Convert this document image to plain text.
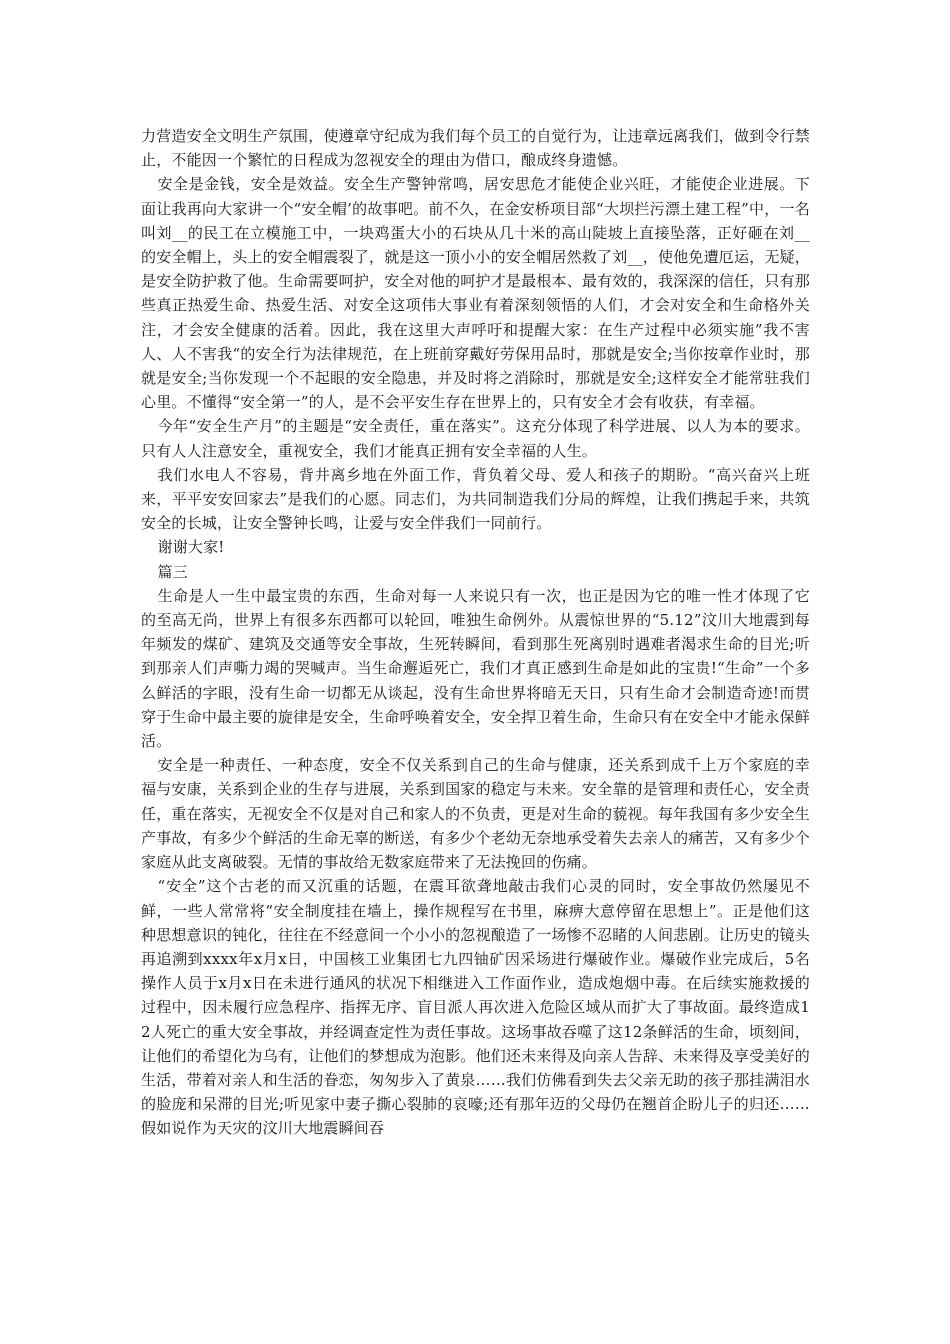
力营造安全文明生产氛围，使遵章守纪成为我们每个员工的自觉行为，让违章远离我们，做到令行禁止，不能因一个繁忙的日程成为忽视安全的理由为借口，酿成终身遗憾。

安全是金钱，安全是效益。安全生产警钟常鸣，居安思危才能使企业兴旺，才能使企业进展。下面让我再向大家讲一个“安全帽’的故事吧。前不久，在金安桥项目部“大坝拦污漂土建工程”中，一名叫刘__的民工在立模施工中，一块鸡蛋大小的石块从几十米的高山陡坡上直接坠落，正好砸在刘__的安全帽上，头上的安全帽震裂了，就是这一顶小小的安全帽居然救了刘__，使他免遭厄运，无疑，是安全防护救了他。生命需要呵护，安全对他的呵护才是最根本、最有效的，我深深的信任，只有那些真正热爱生命、热爱生活、对安全这项伟大事业有着深刻领悟的人们，才会对安全和生命格外关注，才会安全健康的活着。因此，我在这里大声呼吁和提醒大家：在生产过程中必须实施”我不害人、人不害我“的安全行为法律规范，在上班前穿戴好劳保用品时，那就是安全;当你按章作业时，那就是安全;当你发现一个不起眼的安全隐患，并及时将之消除时，那就是安全;这样安全才能常驻我们心里。不懂得“安全第一”的人，是不会平安生存在世界上的，只有安全才会有收获，有幸福。

今年“安全生产月”的主题是“安全责任，重在落实”。这充分体现了科学进展、以人为本的要求。只有人人注意安全，重视安全，我们才能真正拥有安全幸福的人生。

我们水电人不容易，背井离乡地在外面工作，背负着父母、爱人和孩子的期盼。“高兴奋兴上班来，平平安安回家去”是我们的心愿。同志们，为共同制造我们分局的辉煌，让我们携起手来，共筑安全的长城，让安全警钟长鸣，让爱与安全伴我们一同前行。

谢谢大家!

篇三

生命是人一生中最宝贵的东西，生命对每一人来说只有一次，也正是因为它的唯一性才体现了它的至高无尚，世界上有很多东西都可以轮回，唯独生命例外。从震惊世界的“5.12”汶川大地震到每年频发的煤矿、建筑及交通等安全事故，生死转瞬间，看到那生死离别时遇难者渴求生命的目光;听到那亲人们声嘶力竭的哭喊声。当生命邂逅死亡，我们才真正感到生命是如此的宝贵!“生命”一个多么鲜活的字眼，没有生命一切都无从谈起，没有生命世界将暗无天日，只有生命才会制造奇迹!而贯穿于生命中最主要的旋律是安全，生命呼唤着安全，安全捍卫着生命，生命只有在安全中才能永保鲜活。

安全是一种责任、一种态度，安全不仅关系到自己的生命与健康，还关系到成千上万个家庭的幸福与安康，关系到企业的生存与进展，关系到国家的稳定与未来。安全靠的是管理和责任心，安全责任，重在落实，无视安全不仅是对自己和家人的不负责，更是对生命的藐视。每年我国有多少安全生产事故，有多少个鲜活的生命无辜的断送，有多少个老幼无奈地承受着失去亲人的痛苦，又有多少个家庭从此支离破裂。无情的事故给无数家庭带来了无法挽回的伤痛。

“安全”这个古老的而又沉重的话题，在震耳欲聋地敲击我们心灵的同时，安全事故仍然屡见不鲜，一些人常常将“安全制度挂在墙上，操作规程写在书里，麻痹大意停留在思想上”。正是他们这种思想意识的钝化，往往在不经意间一个小小的忽视酿造了一场惨不忍睹的人间悲剧。让历史的镜头再追溯到xxxx年x月x日，中国核工业集团七九四铀矿因采场进行爆破作业。爆破作业完成后，5名操作人员于x月x日在未进行通风的状况下相继进入工作面作业，造成炮烟中毒。在后续实施救援的过程中，因未履行应急程序、指挥无序、盲目派人再次进入危险区域从而扩大了事故面。最终造成12人死亡的重大安全事故，并经调查定性为责任事故。这场事故吞噬了这12条鲜活的生命，顷刻间，让他们的希望化为乌有，让他们的梦想成为泡影。他们还未来得及向亲人告辞、未来得及享受美好的生活，带着对亲人和生活的眷恋，匆匆步入了黄泉……我们仿佛看到失去父亲无助的孩子那挂满泪水的脸庞和呆滞的目光;听见家中妻子撕心裂肺的哀嚎;还有那年迈的父母仍在翘首企盼儿子的归还……假如说作为天灾的汶川大地震瞬间吞
